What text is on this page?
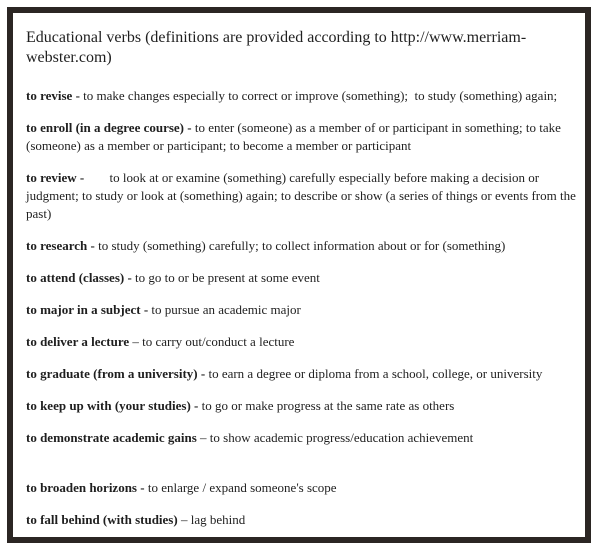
Educational verbs (definitions are provided according to http://www.merriam-webster.com)

to revise - to make changes especially to correct or improve (something);  to study (something) again;

to enroll (in a degree course) - to enter (someone) as a member of or participant in something; to take (someone) as a member or participant; to become a member or participant

to review - to look at or examine (something) carefully especially before making a decision or judgment; to study or look at (something) again; to describe or show (a series of things or events from the past)

to research - to study (something) carefully; to collect information about or for (something)

to attend (classes) - to go to or be present at some event

to major in a subject - to pursue an academic major

to deliver a lecture – to carry out/conduct a lecture

to graduate (from a university) - to earn a degree or diploma from a school, college, or university

to keep up with (your studies) - to go or make progress at the same rate as others

to demonstrate academic gains – to show academic progress/education achievement

to broaden horizons - to enlarge / expand someone's scope

to fall behind (with studies) – lag behind
